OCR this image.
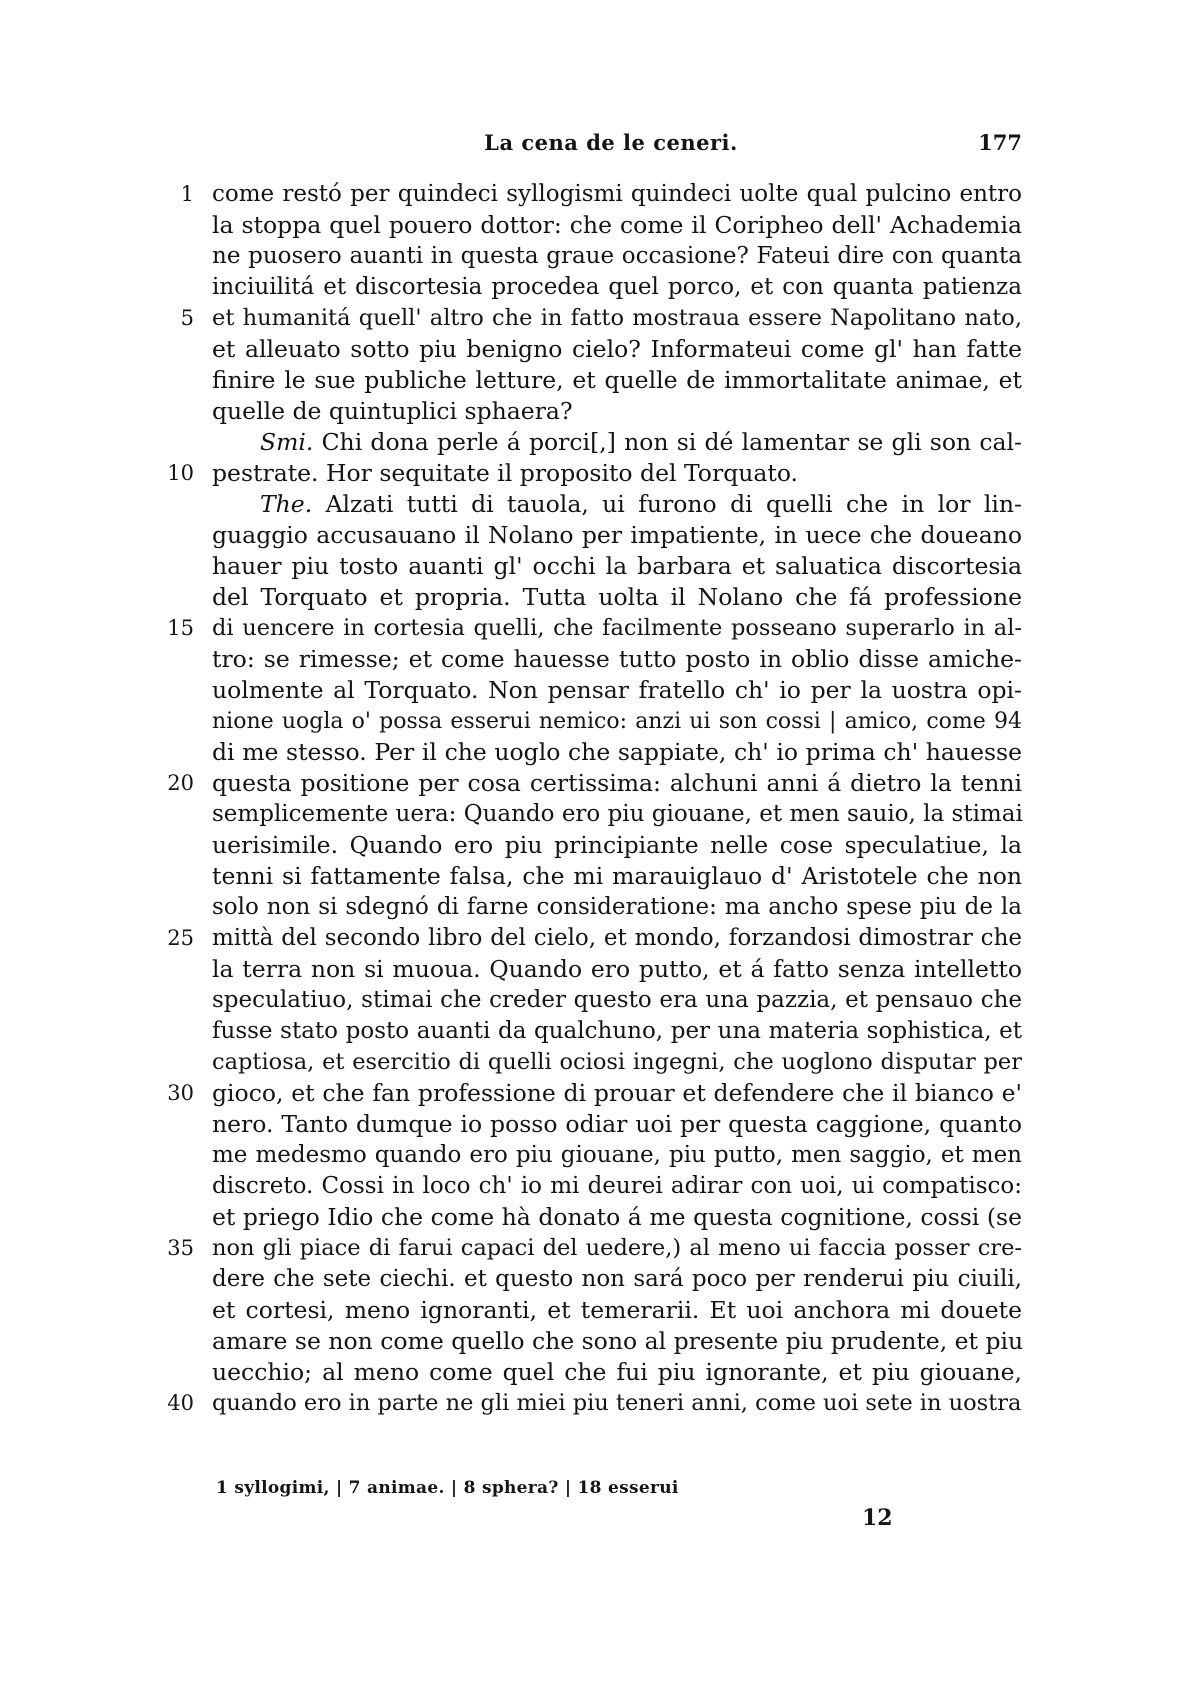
La cena de le ceneri.	177
1 come restó per quindeci syllogismi quindeci uolte qual pulcino entro
la stoppa quel pouero dottor: che come il Coripheo dell' Achademia
ne puosero auanti in questa graue occasione? Fateui dire con quanta
inciuilitá et discortesia procedea quel porco, et con quanta patienza
5 et humanitá quell' altro che in fatto mostraua essere Napolitano nato,
et alleuato sotto piu benigno cielo? Informateui come gl' han fatte
finire le sue publiche letture, et quelle de immortalitate animae, et
quelle de quintuplici sphaera?
Smi. Chi dona perle á porci[,] non si dé lamentar se gli son cal-
10 pestrate. Hor sequitate il proposito del Torquato.
The. Alzati tutti di tauola, ui furono di quelli che in lor lin-
guaggio accusauano il Nolano per impatiente, in uece che doueano
hauer piu tosto auanti gl' occhi la barbara et saluatica discortesia
del Torquato et propria. Tutta uolta il Nolano che fá professione
15 di uencere in cortesia quelli, che facilmente posseano superarlo in al-
tro: se rimesse; et come hauesse tutto posto in oblio disse amiche-
uolmente al Torquato. Non pensar fratello ch' io per la uostra opi-
nione uogla o' possa esserui nemico: anzi ui son cossi | amico, come 94
di me stesso. Per il che uoglo che sappiate, ch' io prima ch' hauesse
20 questa positione per cosa certissima: alchuni anni á dietro la tenni
semplicemente uera: Quando ero piu giouane, et men sauio, la stimai
uerisimile. Quando ero piu principiante nelle cose speculatiue, la
tenni si fattamente falsa, che mi marauiglauo d' Aristotele che non
solo non si sdegnó di farne consideratione: ma ancho spese piu de la
25 mittà del secondo libro del cielo, et mondo, forzandosi dimostrar che
la terra non si muoua. Quando ero putto, et á fatto senza intelletto
speculatiuo, stimai che creder questo era una pazzia, et pensauo che
fusse stato posto auanti da qualchuno, per una materia sophistica, et
captiosa, et esercitio di quelli ociosi ingegni, che uoglono disputar per
30 gioco, et che fan professione di prouar et defendere che il bianco e'
nero. Tanto dumque io posso odiar uoi per questa caggione, quanto
me medesmo quando ero piu giouane, piu putto, men saggio, et men
discreto. Cossi in loco ch' io mi deurei adirar con uoi, ui compatisco:
et priego Idio che come hà donato á me questa cognitione, cossi (se
35 non gli piace di farui capaci del uedere,) al meno ui faccia posser cre-
dere che sete ciechi. et questo non sará poco per renderui piu ciuili,
et cortesi, meno ignoranti, et temerarii. Et uoi anchora mi douete
amare se non come quello che sono al presente piu prudente, et piu
uecchio; al meno come quel che fui piu ignorante, et piu giouane,
40 quando ero in parte ne gli miei piu teneri anni, come uoi sete in uostra
1 syllogimi, | 7 animae. | 8 sphera? | 18 esserui
12
